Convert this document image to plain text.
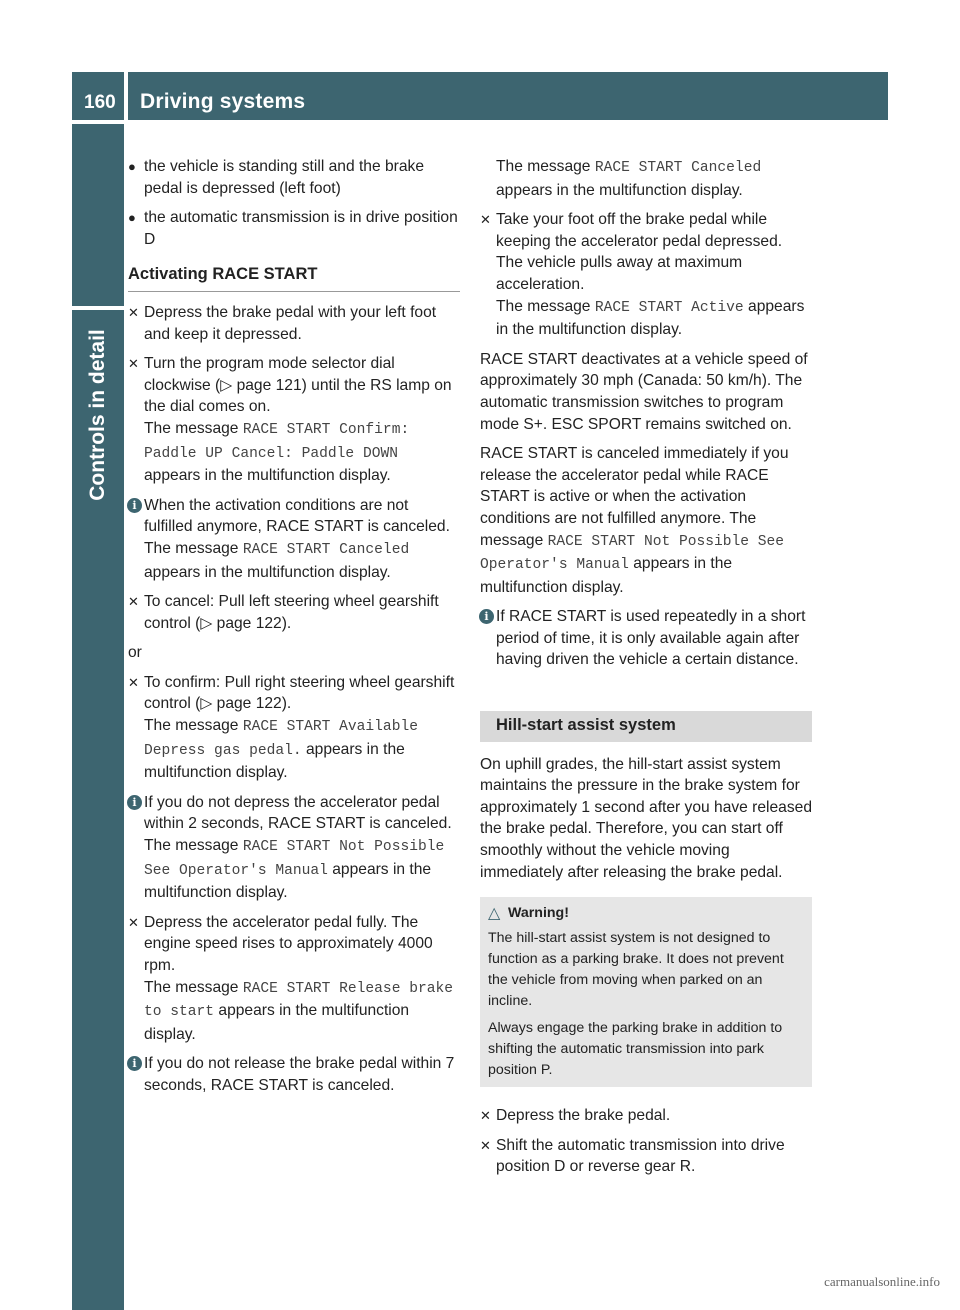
160 Driving systems
Controls in detail
● the vehicle is standing still and the brake pedal is depressed (left foot)
● the automatic transmission is in drive position D
Activating RACE START
✕ Depress the brake pedal with your left foot and keep it depressed.
✕ Turn the program mode selector dial clockwise (▷ page 121) until the RS lamp on the dial comes on.
The message RACE START Confirm: Paddle UP Cancel: Paddle DOWN
appears in the multifunction display.
i When the activation conditions are not fulfilled anymore, RACE START is canceled. The message RACE START Canceled appears in the multifunction display.
✕ To cancel: Pull left steering wheel gearshift control (▷ page 122).

or

✕ To confirm: Pull right steering wheel gearshift control (▷ page 122).
The message RACE START Available Depress gas pedal. appears in the multifunction display.
i If you do not depress the accelerator pedal within 2 seconds, RACE START is canceled. The message RACE START Not Possible See Operator's Manual appears in the multifunction display.
✕ Depress the accelerator pedal fully. The engine speed rises to approximately 4000 rpm.
The message RACE START Release brake to start appears in the multifunction display.
i If you do not release the brake pedal within 7 seconds, RACE START is canceled.

The message RACE START Canceled appears in the multifunction display.

✕ Take your foot off the brake pedal while keeping the accelerator pedal depressed. The vehicle pulls away at maximum acceleration.
The message RACE START Active appears in the multifunction display.

RACE START deactivates at a vehicle speed of approximately 30 mph (Canada: 50 km/h). The automatic transmission switches to program mode S+. ESC SPORT remains switched on.

RACE START is canceled immediately if you release the accelerator pedal while RACE START is active or when the activation conditions are not fulfilled anymore. The message RACE START Not Possible See Operator's Manual appears in the multifunction display.

i If RACE START is used repeatedly in a short period of time, it is only available again after having driven the vehicle a certain distance.
Hill-start assist system

On uphill grades, the hill-start assist system maintains the pressure in the brake system for approximately 1 second after you have released the brake pedal. Therefore, you can start off smoothly without the vehicle moving immediately after releasing the brake pedal.

△ Warning!

The hill-start assist system is not designed to function as a parking brake. It does not prevent the vehicle from moving when parked on an incline.

Always engage the parking brake in addition to shifting the automatic transmission into park position P.

✕ Depress the brake pedal.
✕ Shift the automatic transmission into drive position D or reverse gear R.
carmanualsonline.info
